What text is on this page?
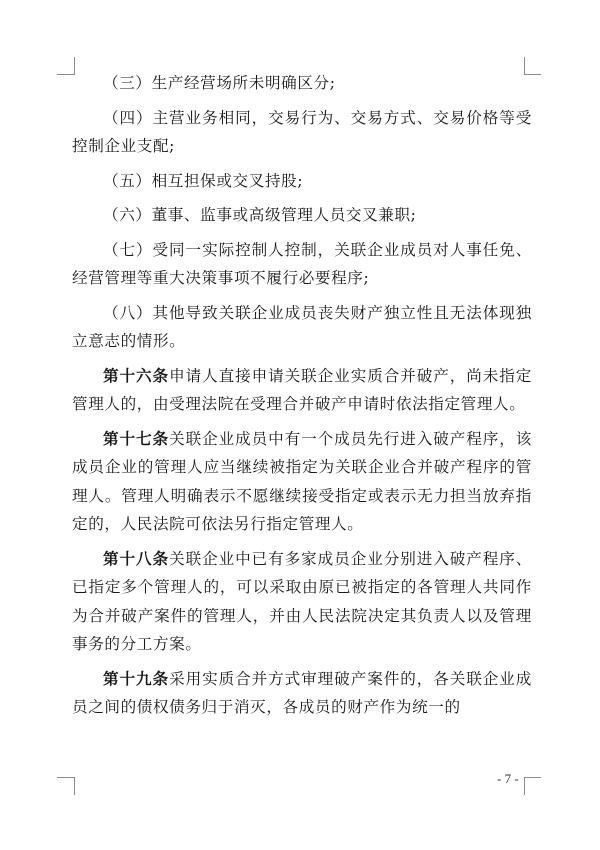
（三）生产经营场所未明确区分;

（四）主营业务相同，交易行为、交易方式、交易价格等受控制企业支配;

（五）相互担保或交叉持股;

（六）董事、监事或高级管理人员交叉兼职;

（七）受同一实际控制人控制，关联企业成员对人事任免、经营管理等重大决策事项不履行必要程序;

（八）其他导致关联企业成员丧失财产独立性且无法体现独立意志的情形。

第十六条申请人直接申请关联企业实质合并破产，尚未指定管理人的，由受理法院在受理合并破产申请时依法指定管理人。

第十七条关联企业成员中有一个成员先行进入破产程序，该成员企业的管理人应当继续被指定为关联企业合并破产程序的管理人。管理人明确表示不愿继续接受指定或表示无力担当放弃指定的，人民法院可依法另行指定管理人。

第十八条关联企业中已有多家成员企业分别进入破产程序、已指定多个管理人的，可以采取由原已被指定的各管理人共同作为合并破产案件的管理人，并由人民法院决定其负责人以及管理事务的分工方案。

第十九条采用实质合并方式审理破产案件的，各关联企业成员之间的债权债务归于消灭，各成员的财产作为统一的

- 7 -
